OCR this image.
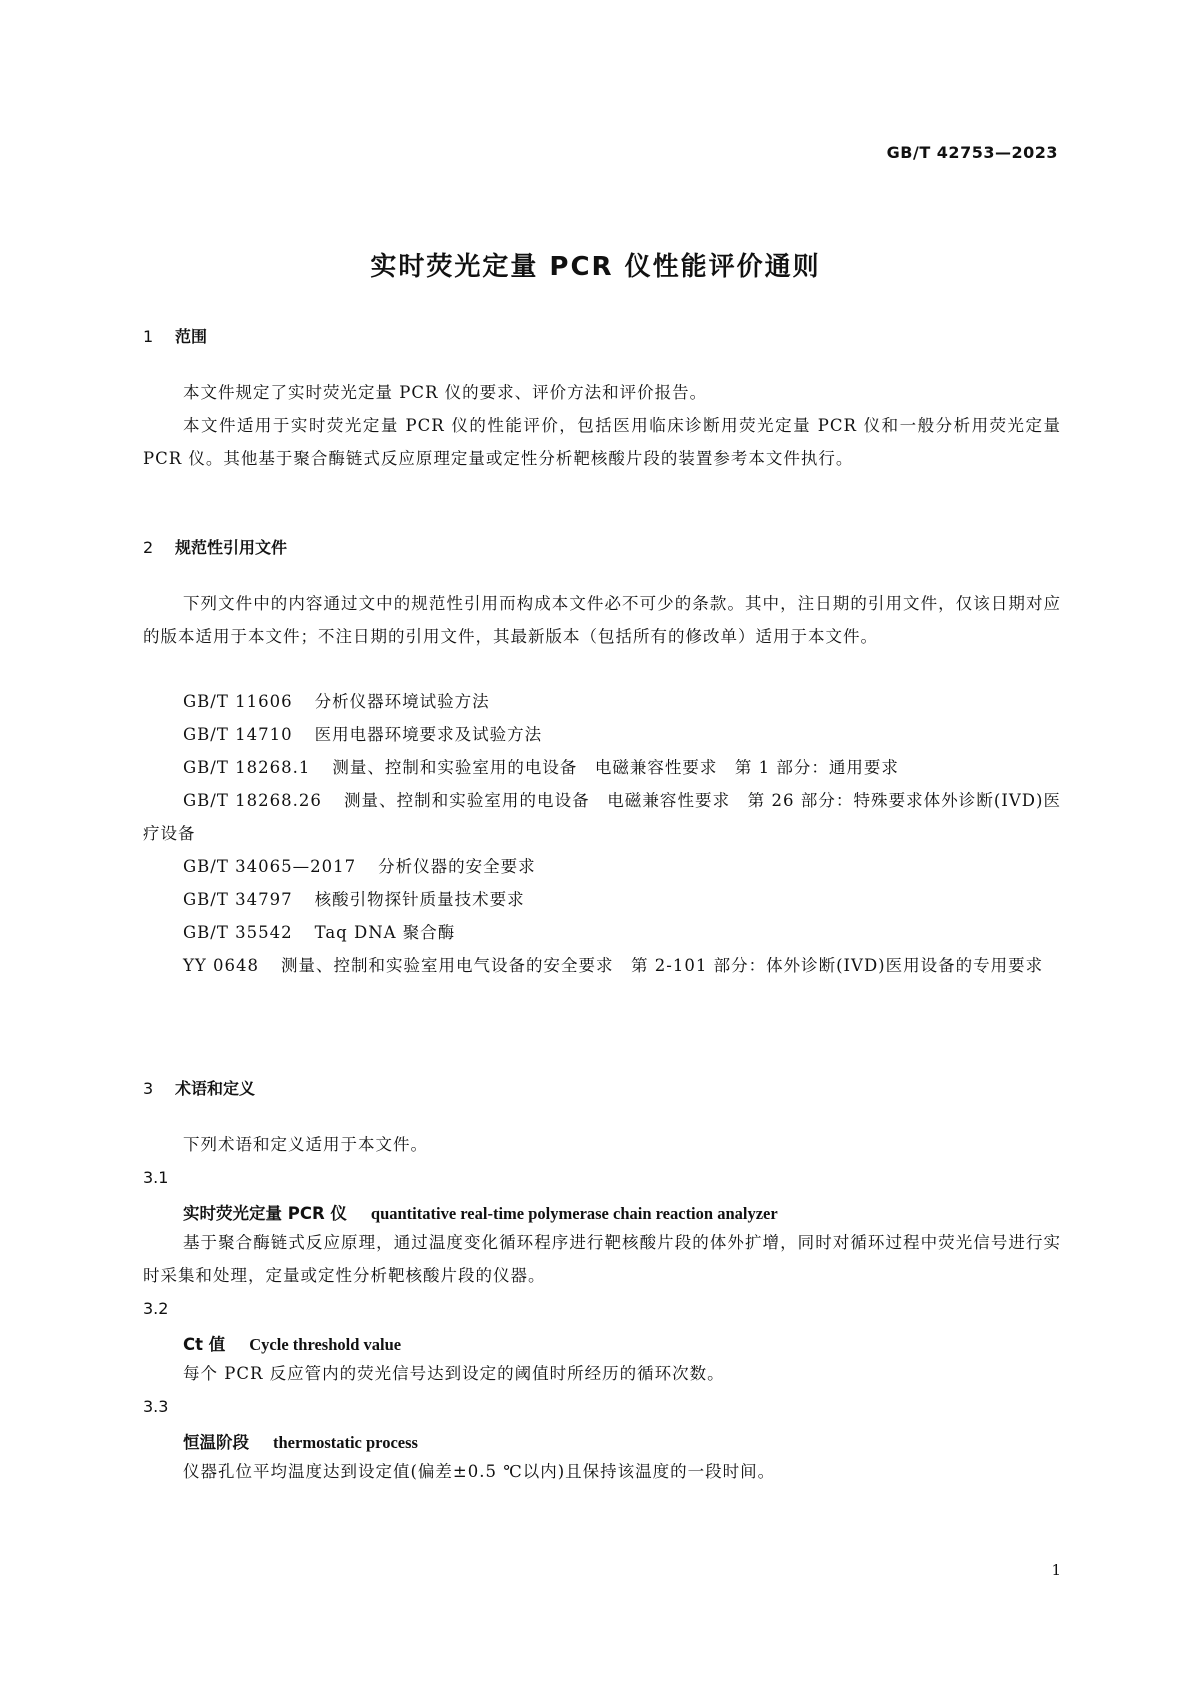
GB/T 42753—2023
实时荧光定量 PCR 仪性能评价通则
1 范围
本文件规定了实时荧光定量 PCR 仪的要求、评价方法和评价报告。
本文件适用于实时荧光定量 PCR 仪的性能评价，包括医用临床诊断用荧光定量 PCR 仪和一般分析用荧光定量 PCR 仪。其他基于聚合酶链式反应原理定量或定性分析靶核酸片段的装置参考本文件执行。
2 规范性引用文件
下列文件中的内容通过文中的规范性引用而构成本文件必不可少的条款。其中，注日期的引用文件，仅该日期对应的版本适用于本文件；不注日期的引用文件，其最新版本（包括所有的修改单）适用于本文件。
GB/T 11606 分析仪器环境试验方法
GB/T 14710 医用电器环境要求及试验方法
GB/T 18268.1 测量、控制和实验室用的电设备　电磁兼容性要求　第 1 部分：通用要求
GB/T 18268.26 测量、控制和实验室用的电设备　电磁兼容性要求　第 26 部分：特殊要求体外诊断(IVD)医疗设备
GB/T 34065—2017 分析仪器的安全要求
GB/T 34797 核酸引物探针质量技术要求
GB/T 35542 Taq DNA 聚合酶
YY 0648 测量、控制和实验室用电气设备的安全要求　第 2-101 部分：体外诊断(IVD)医用设备的专用要求
3 术语和定义
下列术语和定义适用于本文件。
3.1
实时荧光定量 PCR 仪 quantitative real-time polymerase chain reaction analyzer
基于聚合酶链式反应原理，通过温度变化循环程序进行靶核酸片段的体外扩增，同时对循环过程中荧光信号进行实时采集和处理，定量或定性分析靶核酸片段的仪器。
3.2
Ct 值 Cycle threshold value
每个 PCR 反应管内的荧光信号达到设定的阈值时所经历的循环次数。
3.3
恒温阶段 thermostatic process
仪器孔位平均温度达到设定值(偏差±0.5 ℃以内)且保持该温度的一段时间。
1
